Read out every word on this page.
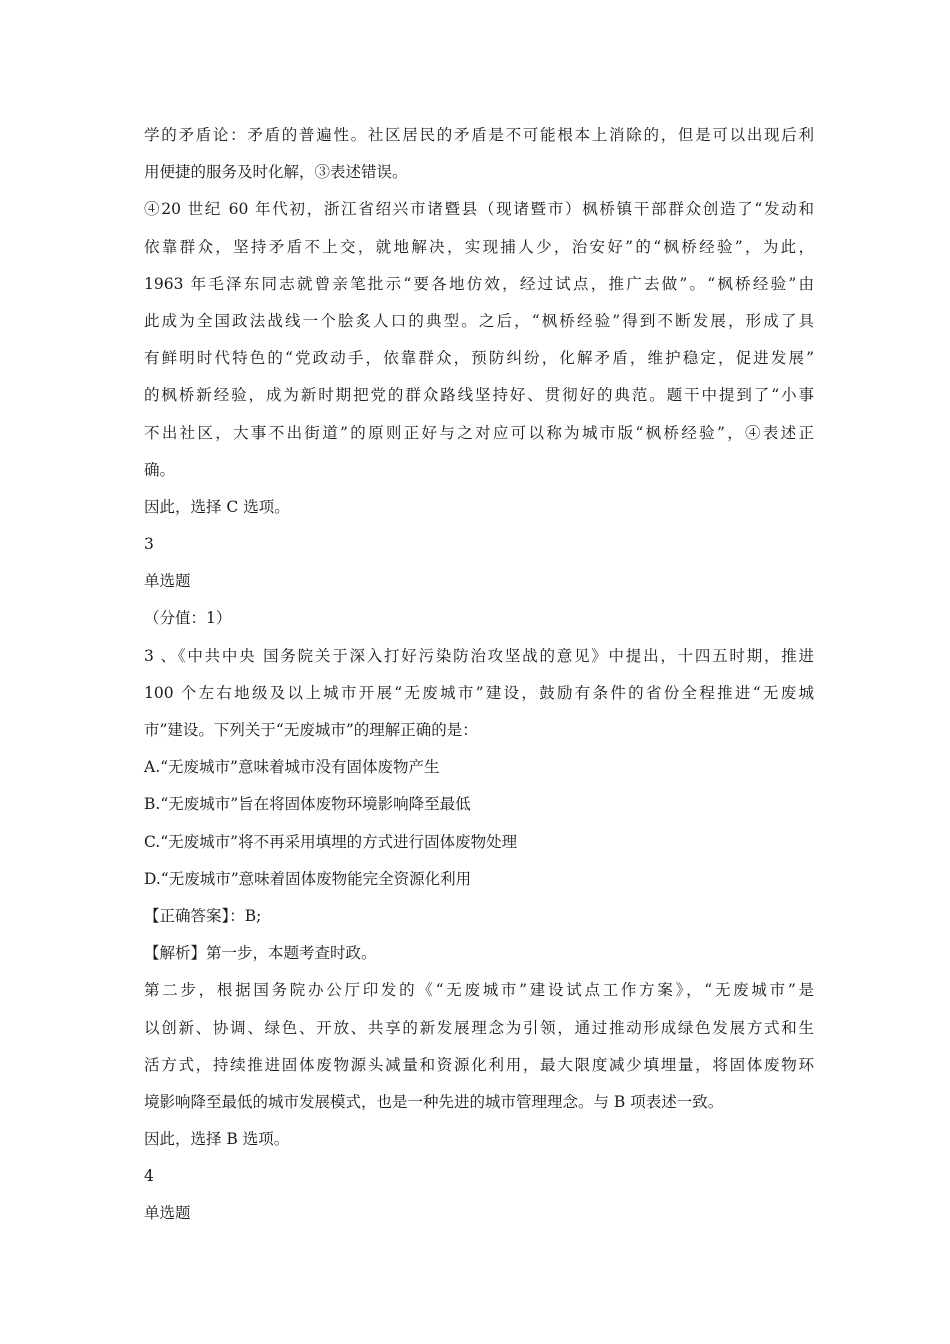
学的矛盾论：矛盾的普遍性。社区居民的矛盾是不可能根本上消除的，但是可以出现后利
用便捷的服务及时化解，③表述错误。
④20 世纪 60 年代初，浙江省绍兴市诸暨县（现诸暨市）枫桥镇干部群众创造了“发动和
依靠群众，坚持矛盾不上交，就地解决，实现捕人少，治安好”的“枫桥经验”，为此，
1963 年毛泽东同志就曾亲笔批示“要各地仿效，经过试点，推广去做”。“枫桥经验”由
此成为全国政法战线一个脍炙人口的典型。之后，“枫桥经验”得到不断发展，形成了具
有鲜明时代特色的“党政动手，依靠群众，预防纠纷，化解矛盾，维护稳定，促进发展”
的枫桥新经验，成为新时期把党的群众路线坚持好、贯彻好的典范。题干中提到了“小事
不出社区，大事不出街道”的原则正好与之对应可以称为城市版“枫桥经验”，④表述正
确。
因此，选择 C 选项。
3
单选题
（分值：1）
3 、《中共中央 国务院关于深入打好污染防治攻坚战的意见》中提出，十四五时期，推进
100 个左右地级及以上城市开展“无废城市”建设，鼓励有条件的省份全程推进“无废城
市”建设。下列关于“无废城市”的理解正确的是：
A.“无废城市”意味着城市没有固体废物产生
B.“无废城市”旨在将固体废物环境影响降至最低
C.“无废城市”将不再采用填埋的方式进行固体废物处理
D.“无废城市”意味着固体废物能完全资源化利用
【正确答案】：B;
【解析】第一步，本题考查时政。
第二步，根据国务院办公厅印发的《“无废城市”建设试点工作方案》，“无废城市”是
以创新、协调、绿色、开放、共享的新发展理念为引领，通过推动形成绿色发展方式和生
活方式，持续推进固体废物源头减量和资源化利用，最大限度减少填埋量，将固体废物环
境影响降至最低的城市发展模式，也是一种先进的城市管理理念。与 B 项表述一致。
因此，选择 B 选项。
4
单选题
